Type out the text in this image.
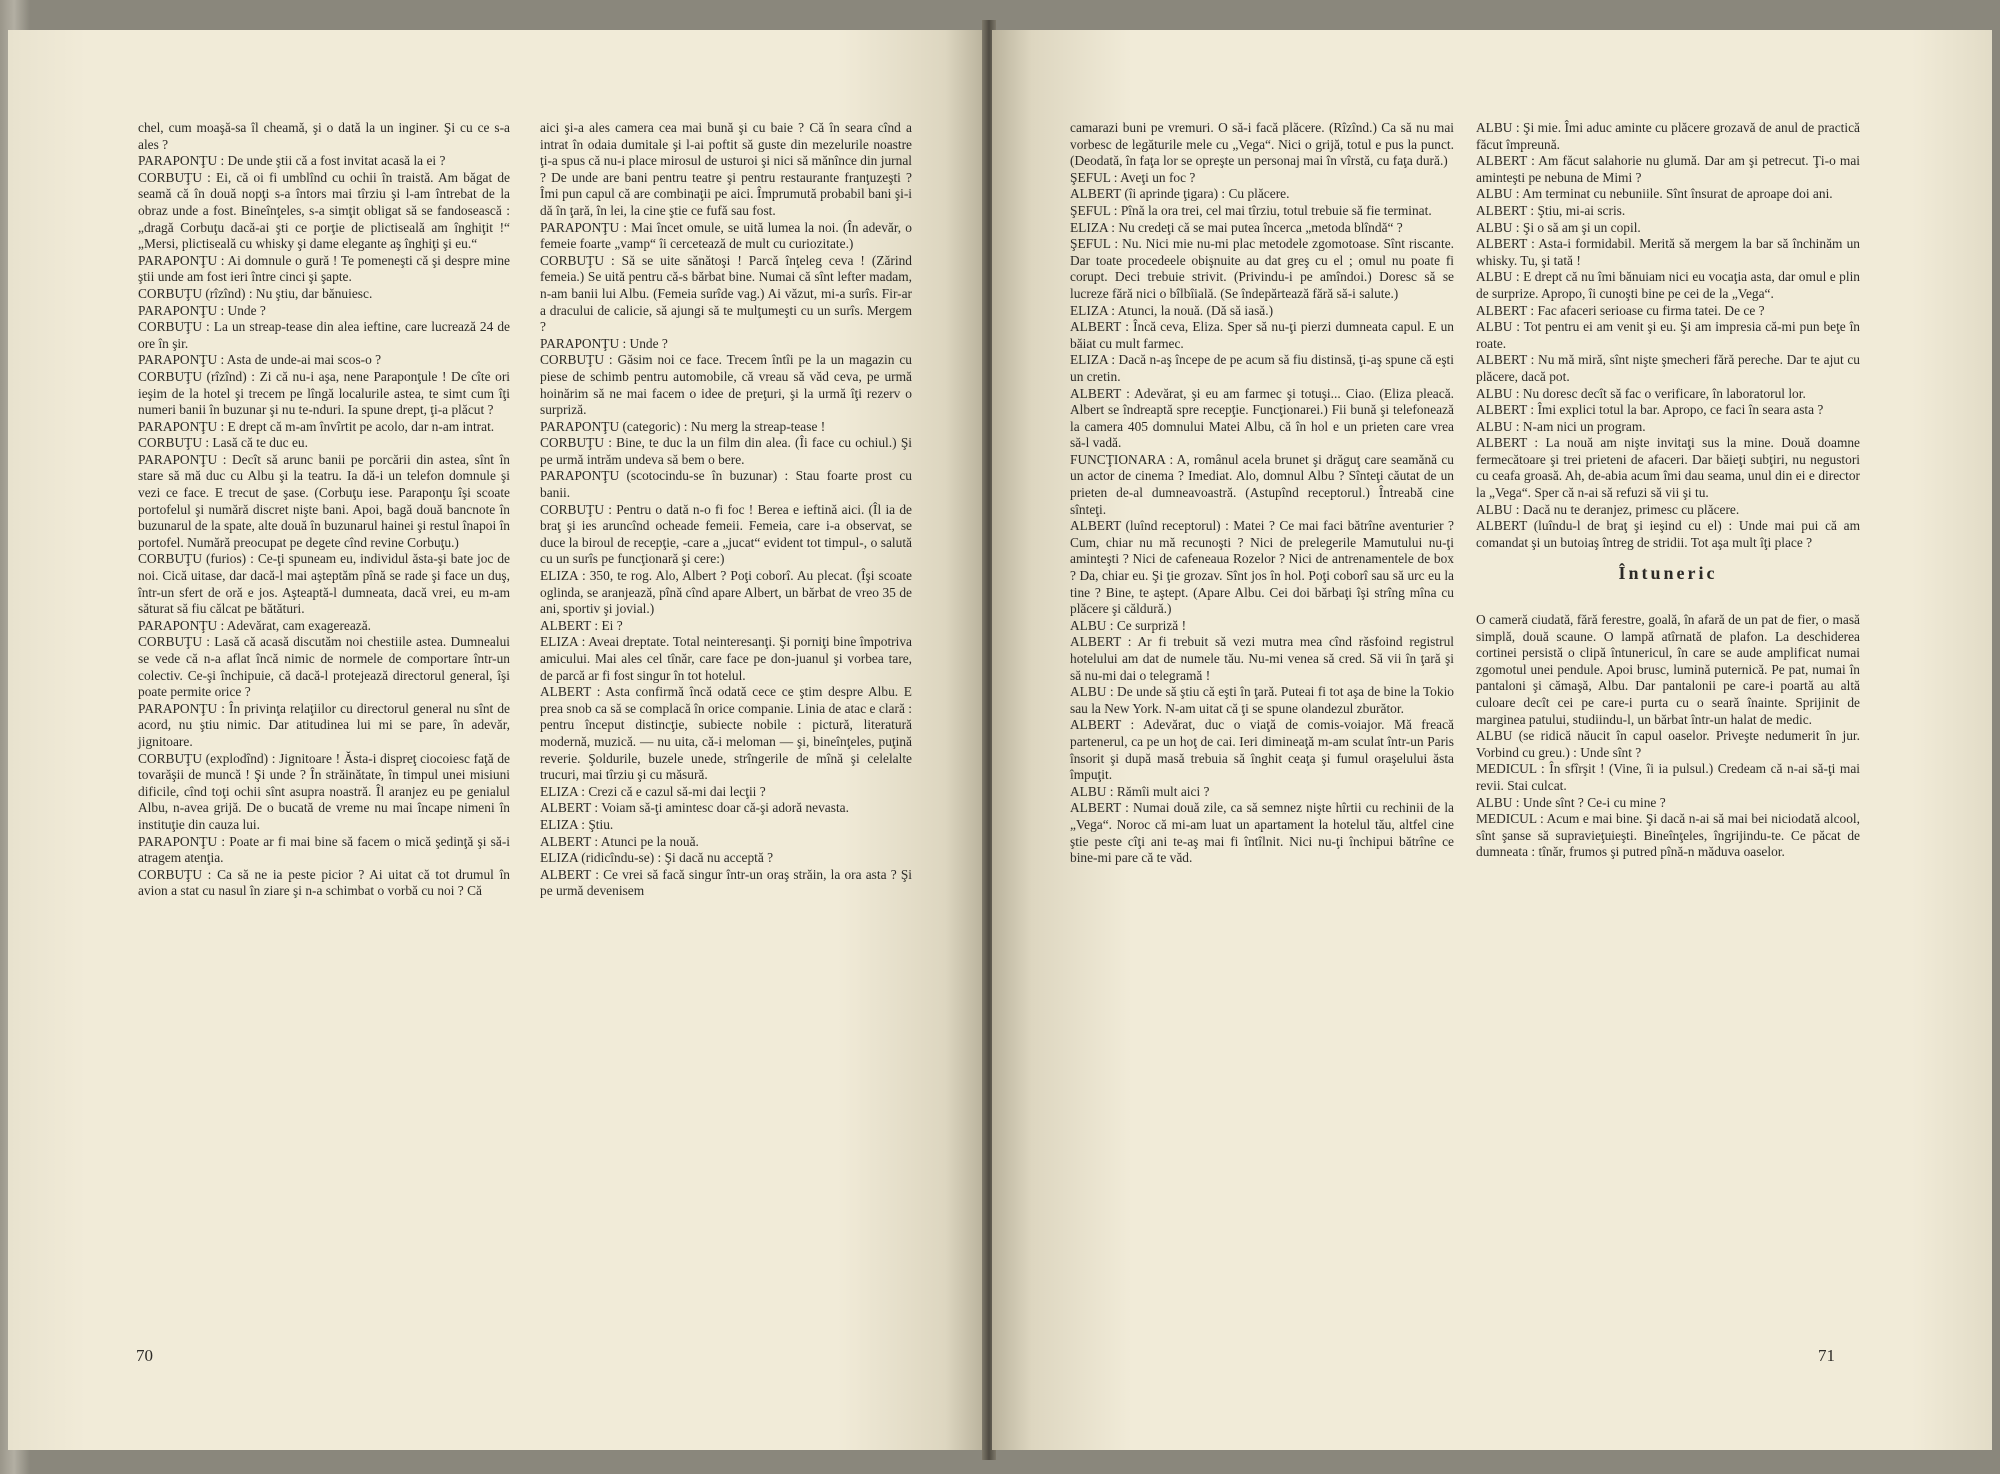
chel, cum moaşă-sa îl cheamă, şi o dată la un inginer. Şi cu ce s-a ales ?

PARAPONŢU : De unde ştii că a fost invitat acasă la ei ?

CORBUŢU : Ei, că oi fi umblînd cu ochii în traistă. Am băgat de seamă că în două nopţi s-a întors mai tîrziu şi l-am întrebat de la obraz unde a fost. Bineînţeles, s-a simţit obligat să se fandosească : „dragă Corbuţu dacă-ai şti ce porţie de plictiseală am înghiţit !“ „Mersi, plictiseală cu whisky şi dame elegante aş înghiţi şi eu.“

PARAPONŢU : Ai domnule o gură ! Te pomeneşti că şi despre mine ştii unde am fost ieri între cinci şi şapte.

CORBUŢU (rîzînd) : Nu ştiu, dar bănuiesc.

PARAPONŢU : Unde ?

CORBUŢU : La un streap-tease din alea ieftine, care lucrează 24 de ore în şir.

PARAPONŢU : Asta de unde-ai mai scos-o ?

CORBUŢU (rîzînd) : Zi că nu-i aşa, nene Paraponţule ! De cîte ori ieşim de la hotel şi trecem pe lîngă localurile astea, te simt cum îţi numeri banii în buzunar şi nu te-nduri. Ia spune drept, ţi-a plăcut ?

PARAPONŢU : E drept că m-am învîrtit pe acolo, dar n-am intrat.

CORBUŢU : Lasă că te duc eu.

PARAPONŢU : Decît să arunc banii pe porcării din astea, sînt în stare să mă duc cu Albu şi la teatru. Ia dă-i un telefon domnule şi vezi ce face. E trecut de şase. (Corbuţu iese. Paraponţu îşi scoate portofelul şi numără discret nişte bani. Apoi, bagă două bancnote în buzunarul de la spate, alte două în buzunarul hainei şi restul înapoi în portofel. Numără preocupat pe degete cînd revine Corbuţu.)

CORBUŢU (furios) : Ce-ţi spuneam eu, individul ăsta-şi bate joc de noi. Cică uitase, dar dacă-l mai aşteptăm pînă se rade şi face un duş, într-un sfert de oră e jos. Aşteaptă-l dumneata, dacă vrei, eu m-am săturat să fiu călcat pe bătături.

PARAPONŢU : Adevărat, cam exagerează.

CORBUŢU : Lasă că acasă discutăm noi chestiile astea. Dumnealui se vede că n-a aflat încă nimic de normele de comportare într-un colectiv. Ce-şi închipuie, că dacă-l protejează directorul general, îşi poate permite orice ?

PARAPONŢU : În privinţa relaţiilor cu directorul general nu sînt de acord, nu ştiu nimic. Dar atitudinea lui mi se pare, în adevăr, jignitoare.

CORBUŢU (explodînd) : Jignitoare ! Ăsta-i dispreţ ciocoiesc faţă de tovarăşii de muncă ! Şi unde ? În străinătate, în timpul unei misiuni dificile, cînd toţi ochii sînt asupra noastră. Îl aranjez eu pe genialul Albu, n-avea grijă. De o bucată de vreme nu mai încape nimeni în instituţie din cauza lui.

PARAPONŢU : Poate ar fi mai bine să facem o mică şedinţă şi să-i atragem atenţia.

CORBUŢU : Ca să ne ia peste picior ? Ai uitat că tot drumul în avion a stat cu nasul în ziare şi n-a schimbat o vorbă cu noi ? Că

aici şi-a ales camera cea mai bună şi cu baie ? Că în seara cînd a intrat în odaia dumitale şi l-ai poftit să guste din mezelurile noastre ţi-a spus că nu-i place mirosul de usturoi şi nici să mănînce din jurnal ? De unde are bani pentru teatre şi pentru restaurante franţuzeşti ? Îmi pun capul că are combinaţii pe aici. Împrumută probabil bani şi-i dă în ţară, în lei, la cine ştie ce fufă sau fost.

PARAPONŢU : Mai încet omule, se uită lumea la noi. (În adevăr, o femeie foarte „vamp“ îi cercetează de mult cu curiozitate.)

CORBUŢU : Să se uite sănătoşi ! Parcă înţeleg ceva ! (Zărind femeia.) Se uită pentru că-s bărbat bine. Numai că sînt lefter madam, n-am banii lui Albu. (Femeia surîde vag.) Ai văzut, mi-a surîs. Fir-ar a dracului de calicie, să ajungi să te mulţumeşti cu un surîs. Mergem ?

PARAPONŢU : Unde ?

CORBUŢU : Găsim noi ce face. Trecem întîi pe la un magazin cu piese de schimb pentru automobile, că vreau să văd ceva, pe urmă hoinărim să ne mai facem o idee de preţuri, şi la urmă îţi rezerv o surpriză.

PARAPONŢU (categoric) : Nu merg la streap-tease !

CORBUŢU : Bine, te duc la un film din alea. (Îi face cu ochiul.) Şi pe urmă intrăm undeva să bem o bere.

PARAPONŢU (scotocindu-se în buzunar) : Stau foarte prost cu banii.

CORBUŢU : Pentru o dată n-o fi foc ! Berea e ieftină aici. (Îl ia de braţ şi ies aruncînd ocheade femeii. Femeia, care i-a observat, se duce la biroul de recepţie, -care a „jucat“ evident tot timpul-, o salută cu un surîs pe funcţionară şi cere:)

ELIZA : 350, te rog. Alo, Albert ? Poţi coborî. Au plecat. (Îşi scoate oglinda, se aranjează, pînă cînd apare Albert, un bărbat de vreo 35 de ani, sportiv şi jovial.)

ALBERT : Ei ?

ELIZA : Aveai dreptate. Total neinteresanţi. Şi porniţi bine împotriva amicului. Mai ales cel tînăr, care face pe don-juanul şi vorbea tare, de parcă ar fi fost singur în tot hotelul.

ALBERT : Asta confirmă încă odată cece ce ştim despre Albu. E prea snob ca să se complacă în orice companie. Linia de atac e clară : pentru început distincţie, subiecte nobile : pictură, literatură modernă, muzică. — nu uita, că-i meloman — şi, bineînţeles, puţină reverie. Şoldurile, buzele unede, strîngerile de mînă şi celelalte trucuri, mai tîrziu şi cu măsură.

ELIZA : Crezi că e cazul să-mi dai lecţii ?

ALBERT : Voiam să-ţi amintesc doar că-şi adoră nevasta.

ELIZA : Ştiu.

ALBERT : Atunci pe la nouă.

ELIZA (ridicîndu-se) : Şi dacă nu acceptă ?

ALBERT : Ce vrei să facă singur într-un oraş străin, la ora asta ? Şi pe urmă devenisem

70

camarazi buni pe vremuri. O să-i facă plăcere. (Rîzînd.) Ca să nu mai vorbesc de legăturile mele cu „Vega“. Nici o grijă, totul e pus la punct. (Deodată, în faţa lor se opreşte un personaj mai în vîrstă, cu faţa dură.)

ŞEFUL : Aveţi un foc ?

ALBERT (îi aprinde ţigara) : Cu plăcere.

ŞEFUL : Pînă la ora trei, cel mai tîrziu, totul trebuie să fie terminat.

ELIZA : Nu credeţi că se mai putea încerca „metoda blîndă“ ?

ŞEFUL : Nu. Nici mie nu-mi plac metodele zgomotoase. Sînt riscante. Dar toate procedeele obişnuite au dat greş cu el ; omul nu poate fi corupt. Deci trebuie strivit. (Privindu-i pe amîndoi.) Doresc să se lucreze fără nici o bîlbîială. (Se îndepărtează fără să-i salute.)

ELIZA : Atunci, la nouă. (Dă să iasă.)

ALBERT : Încă ceva, Eliza. Sper să nu-ţi pierzi dumneata capul. E un băiat cu mult farmec.

ELIZA : Dacă n-aş începe de pe acum să fiu distinsă, ţi-aş spune că eşti un cretin.

ALBERT : Adevărat, şi eu am farmec şi totuşi... Ciao. (Eliza pleacă. Albert se îndreaptă spre recepţie. Funcţionarei.) Fii bună şi telefonează la camera 405 domnului Matei Albu, că în hol e un prieten care vrea să-l vadă.

FUNCŢIONARA : A, românul acela brunet şi drăguţ care seamănă cu un actor de cinema ? Imediat. Alo, domnul Albu ? Sînteţi căutat de un prieten de-al dumneavoastră. (Astupînd receptorul.) Întreabă cine sînteţi.

ALBERT (luînd receptorul) : Matei ? Ce mai faci bătrîne aventurier ? Cum, chiar nu mă recunoşti ? Nici de prelegerile Mamutului nu-ţi aminteşti ? Nici de cafeneaua Rozelor ? Nici de antrenamentele de box ? Da, chiar eu. Şi ţie grozav. Sînt jos în hol. Poţi coborî sau să urc eu la tine ? Bine, te aştept. (Apare Albu. Cei doi bărbaţi îşi strîng mîna cu plăcere şi căldură.)

ALBU : Ce surpriză !

ALBERT : Ar fi trebuit să vezi mutra mea cînd răsfoind registrul hotelului am dat de numele tău. Nu-mi venea să cred. Să vii în ţară şi să nu-mi dai o telegramă !

ALBU : De unde să ştiu că eşti în ţară. Puteai fi tot aşa de bine la Tokio sau la New York. N-am uitat că ţi se spune olandezul zburător.

ALBERT : Adevărat, duc o viaţă de comis-voiajor. Mă freacă partenerul, ca pe un hoţ de cai. Ieri dimineaţă m-am sculat într-un Paris însorit şi după masă trebuia să înghit ceaţa şi fumul oraşelului ăsta împuţit.

ALBU : Rămîi mult aici ?

ALBERT : Numai două zile, ca să semnez nişte hîrtii cu rechinii de la „Vega“. Noroc că mi-am luat un apartament la hotelul tău, altfel cine ştie peste cîţi ani te-aş mai fi întîlnit. Nici nu-ţi închipui bătrîne ce bine-mi pare că te văd.

ALBU : Şi mie. Îmi aduc aminte cu plăcere grozavă de anul de practică făcut împreună.

ALBERT : Am făcut salahorie nu glumă. Dar am şi petrecut. Ţi-o mai aminteşti pe nebuna de Mimi ?

ALBU : Am terminat cu nebuniile. Sînt însurat de aproape doi ani.

ALBERT : Ştiu, mi-ai scris.

ALBU : Şi o să am şi un copil.

ALBERT : Asta-i formidabil. Merită să mergem la bar să închinăm un whisky. Tu, şi tată !

ALBU : E drept că nu îmi bănuiam nici eu vocaţia asta, dar omul e plin de surprize. Apropo, îi cunoşti bine pe cei de la „Vega“.

ALBERT : Fac afaceri serioase cu firma tatei. De ce ?

ALBU : Tot pentru ei am venit şi eu. Şi am impresia că-mi pun beţe în roate.

ALBERT : Nu mă miră, sînt nişte şmecheri fără pereche. Dar te ajut cu plăcere, dacă pot.

ALBU : Nu doresc decît să fac o verificare, în laboratorul lor.

ALBERT : Îmi explici totul la bar. Apropo, ce faci în seara asta ?

ALBU : N-am nici un program.

ALBERT : La nouă am nişte invitaţi sus la mine. Două doamne fermecătoare şi trei prieteni de afaceri. Dar băieţi subţiri, nu negustori cu ceafa groasă. Ah, de-abia acum îmi dau seama, unul din ei e director la „Vega“. Sper că n-ai să refuzi să vii şi tu.

ALBU : Dacă nu te deranjez, primesc cu plăcere.

ALBERT (luîndu-l de braţ şi ieşind cu el) : Unde mai pui că am comandat şi un butoiaş întreg de stridii. Tot aşa mult îţi place ?

Întuneric

O cameră ciudată, fără ferestre, goală, în afară de un pat de fier, o masă simplă, două scaune. O lampă atîrnată de plafon. La deschiderea cortinei persistă o clipă întunericul, în care se aude amplificat numai zgomotul unei pendule. Apoi brusc, lumină puternică. Pe pat, numai în pantaloni şi cămaşă, Albu. Dar pantalonii pe care-i poartă au altă culoare decît cei pe care-i purta cu o seară înainte. Sprijinit de marginea patului, studiindu-l, un bărbat într-un halat de medic.

ALBU (se ridică năucit în capul oaselor. Priveşte nedumerit în jur. Vorbind cu greu.) : Unde sînt ?

MEDICUL : În sfîrşit ! (Vine, îi ia pulsul.) Credeam că n-ai să-ţi mai revii. Stai culcat.

ALBU : Unde sînt ? Ce-i cu mine ?

MEDICUL : Acum e mai bine. Şi dacă n-ai să mai bei niciodată alcool, sînt şanse să supravieţuieşti. Bineînţeles, îngrijindu-te. Ce păcat de dumneata : tînăr, frumos şi putred pînă-n măduva oaselor.

71
